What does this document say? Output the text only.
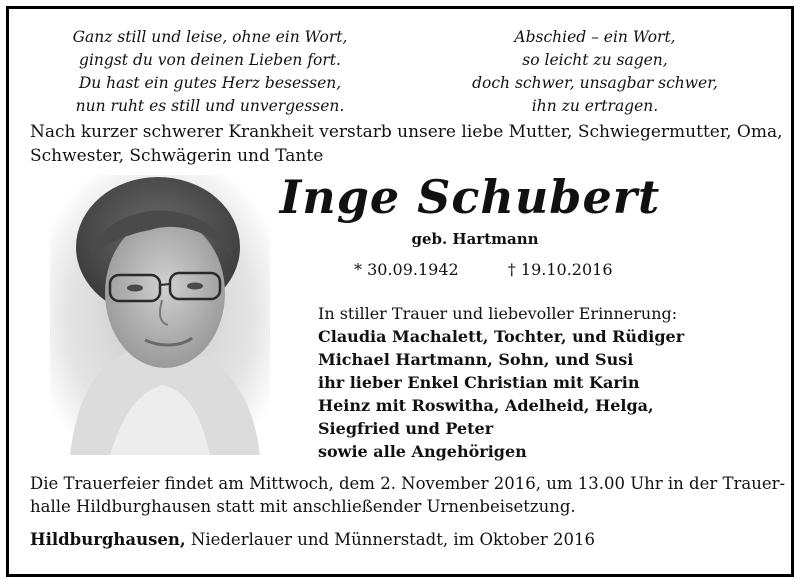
Ganz still und leise, ohne ein Wort,
gingst du von deinen Lieben fort.
Du hast ein gutes Herz besessen,
nun ruht es still und unvergessen.
Abschied – ein Wort,
so leicht zu sagen,
doch schwer, unsagbar schwer,
ihn zu ertragen.
Nach kurzer schwerer Krankheit verstarb unsere liebe Mutter, Schwiegermutter, Oma,
Schwester, Schwägerin und Tante
Inge Schubert
geb. Hartmann
* 30.09.1942	† 19.10.2016
In stiller Trauer und liebevoller Erinnerung:
Claudia Machalett, Tochter, und Rüdiger
Michael Hartmann, Sohn, und Susi
ihr lieber Enkel Christian mit Karin
Heinz mit Roswitha, Adelheid, Helga,
Siegfried und Peter
sowie alle Angehörigen
Die Trauerfeier findet am Mittwoch, dem 2. November 2016, um 13.00 Uhr in der Trauer-
halle Hildburghausen statt mit anschließender Urnenbeisetzung.
Hildburghausen, Niederlauer und Münnerstadt, im Oktober 2016
